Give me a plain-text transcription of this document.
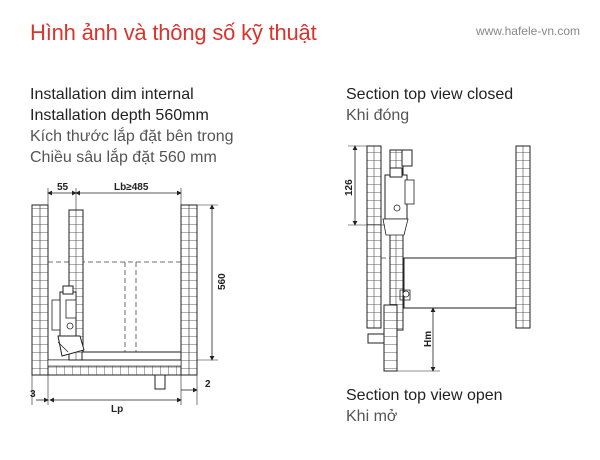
Hình ảnh và thông số kỹ thuật	www.hafele-vn.com
Installation dim internal
Installation depth 560mm
Kích thước lắp đặt bên trong
Chiều sâu lắp đặt 560 mm
Section top view closed
Khi đóng
Section top view open
Khi mở
55	Lb≥485
560
3
Lp
2
126
Hm
